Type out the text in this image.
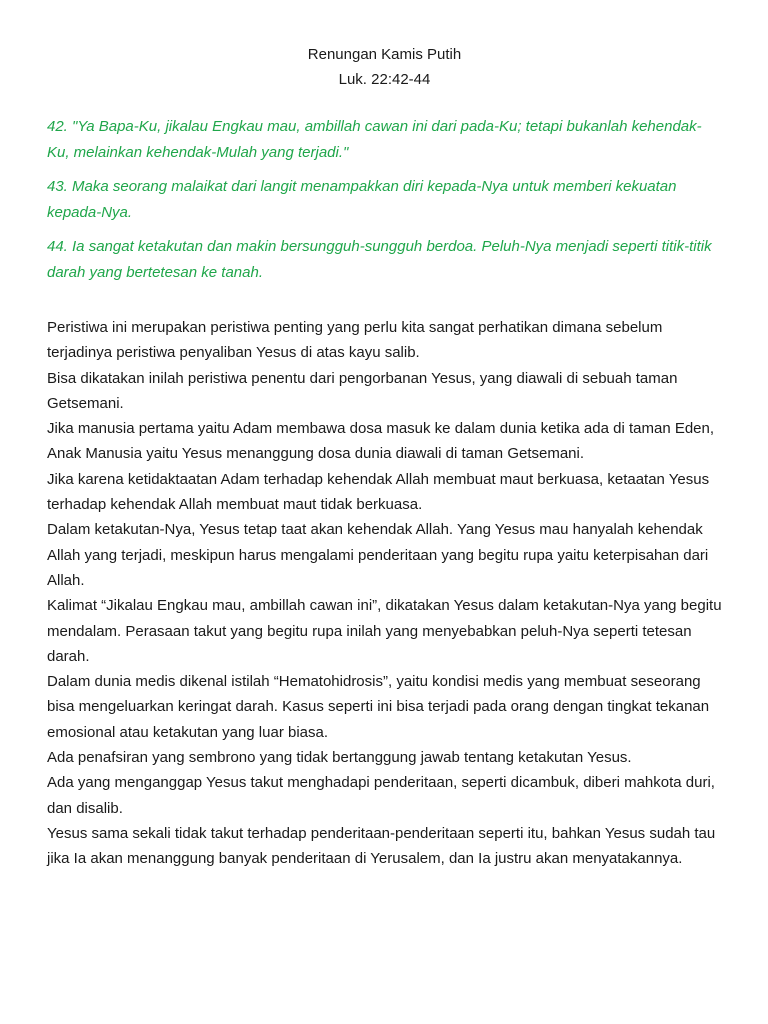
Renungan Kamis Putih
Luk. 22:42-44

42. "Ya Bapa-Ku, jikalau Engkau mau, ambillah cawan ini dari pada-Ku; tetapi bukanlah kehendak-Ku, melainkan kehendak-Mulah yang terjadi."

43. Maka seorang malaikat dari langit menampakkan diri kepada-Nya untuk memberi kekuatan kepada-Nya.

44. Ia sangat ketakutan dan makin bersungguh-sungguh berdoa. Peluh-Nya menjadi seperti titik-titik darah yang bertetesan ke tanah.

Peristiwa ini merupakan peristiwa penting yang perlu kita sangat perhatikan dimana sebelum terjadinya peristiwa penyaliban Yesus di atas kayu salib.

Bisa dikatakan inilah peristiwa penentu dari pengorbanan Yesus, yang diawali di sebuah taman Getsemani.

Jika manusia pertama yaitu Adam membawa dosa masuk ke dalam dunia ketika ada di taman Eden, Anak Manusia yaitu Yesus menanggung dosa dunia diawali di taman Getsemani.

Jika karena ketidaktaatan Adam terhadap kehendak Allah membuat maut berkuasa, ketaatan Yesus terhadap kehendak Allah membuat maut tidak berkuasa.

Dalam ketakutan-Nya, Yesus tetap taat akan kehendak Allah. Yang Yesus mau hanyalah kehendak Allah yang terjadi, meskipun harus mengalami penderitaan yang begitu rupa yaitu keterpisahan dari Allah.

Kalimat “Jikalau Engkau mau, ambillah cawan ini”, dikatakan Yesus dalam ketakutan-Nya yang begitu mendalam. Perasaan takut yang begitu rupa inilah yang menyebabkan peluh-Nya seperti tetesan darah.

Dalam dunia medis dikenal istilah “Hematohidrosis”, yaitu kondisi medis yang membuat seseorang bisa mengeluarkan keringat darah. Kasus seperti ini bisa terjadi pada orang dengan tingkat tekanan emosional atau ketakutan yang luar biasa.

Ada penafsiran yang sembrono yang tidak bertanggung jawab tentang ketakutan Yesus.

Ada yang menganggap Yesus takut menghadapi penderitaan, seperti dicambuk, diberi mahkota duri, dan disalib.

Yesus sama sekali tidak takut terhadap penderitaan-penderitaan seperti itu, bahkan Yesus sudah tau jika Ia akan menanggung banyak penderitaan di Yerusalem, dan Ia justru akan menyatakannya.
